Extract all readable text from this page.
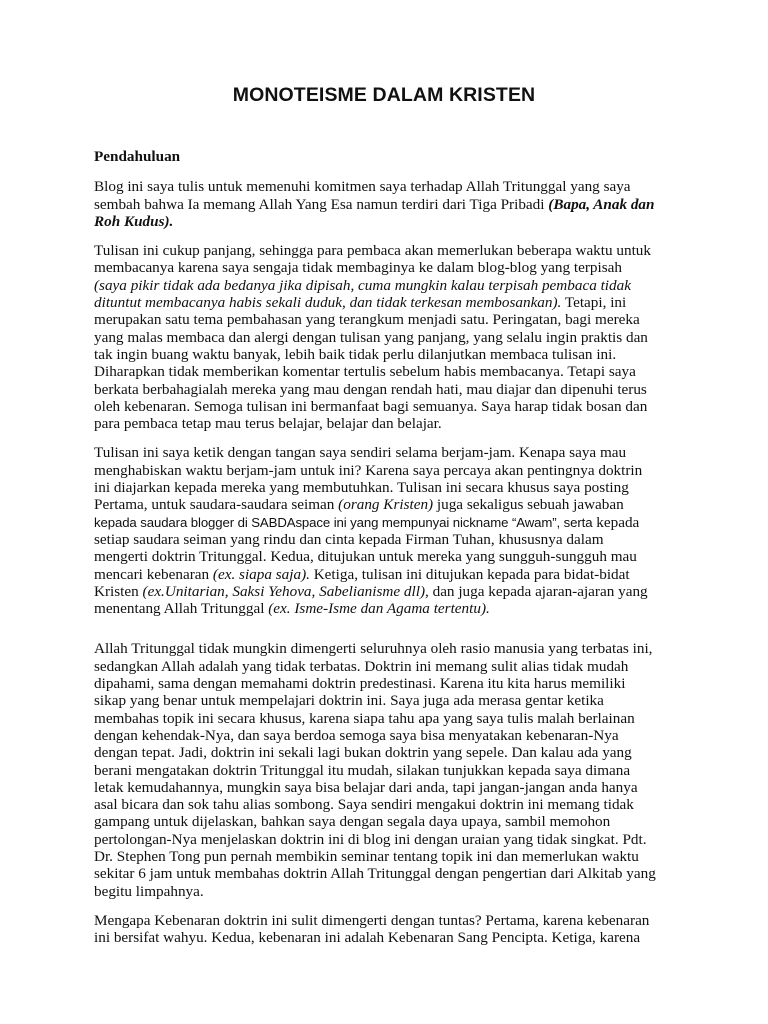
MONOTEISME DALAM KRISTEN

Pendahuluan

Blog ini saya tulis untuk memenuhi komitmen saya terhadap Allah Tritunggal yang saya sembah bahwa Ia memang Allah Yang Esa namun terdiri dari Tiga Pribadi (Bapa, Anak dan Roh Kudus).

Tulisan ini cukup panjang, sehingga para pembaca akan memerlukan beberapa waktu untuk membacanya karena saya sengaja tidak membaginya ke dalam blog-blog yang terpisah (saya pikir tidak ada bedanya jika dipisah, cuma mungkin kalau terpisah pembaca tidak dituntut membacanya habis sekali duduk, dan tidak terkesan membosankan). Tetapi, ini merupakan satu tema pembahasan yang terangkum menjadi satu. Peringatan, bagi mereka yang malas membaca dan alergi dengan tulisan yang panjang, yang selalu ingin praktis dan tak ingin buang waktu banyak, lebih baik tidak perlu dilanjutkan membaca tulisan ini. Diharapkan tidak memberikan komentar tertulis sebelum habis membacanya. Tetapi saya berkata berbahagialah mereka yang mau dengan rendah hati, mau diajar dan dipenuhi terus oleh kebenaran. Semoga tulisan ini bermanfaat bagi semuanya. Saya harap tidak bosan dan para pembaca tetap mau terus belajar, belajar dan belajar.

Tulisan ini saya ketik dengan tangan saya sendiri selama berjam-jam. Kenapa saya mau menghabiskan waktu berjam-jam untuk ini? Karena saya percaya akan pentingnya doktrin ini diajarkan kepada mereka yang membutuhkan. Tulisan ini secara khusus saya posting Pertama, untuk saudara-saudara seiman (orang Kristen) juga sekaligus sebuah jawaban kepada saudara blogger di SABDAspace ini yang mempunyai nickname “Awam”, serta kepada setiap saudara seiman yang rindu dan cinta kepada Firman Tuhan, khususnya dalam mengerti doktrin Tritunggal. Kedua, ditujukan untuk mereka yang sungguh-sungguh mau mencari kebenaran (ex. siapa saja). Ketiga, tulisan ini ditujukan kepada para bidat-bidat Kristen (ex.Unitarian, Saksi Yehova, Sabelianisme dll), dan juga kepada ajaran-ajaran yang menentang Allah Tritunggal (ex. Isme-Isme dan Agama tertentu).

Allah Tritunggal tidak mungkin dimengerti seluruhnya oleh rasio manusia yang terbatas ini, sedangkan Allah adalah yang tidak terbatas. Doktrin ini memang sulit alias tidak mudah dipahami, sama dengan memahami doktrin predestinasi. Karena itu kita harus memiliki sikap yang benar untuk mempelajari doktrin ini. Saya juga ada merasa gentar ketika membahas topik ini secara khusus, karena siapa tahu apa yang saya tulis malah berlainan dengan kehendak-Nya, dan saya berdoa semoga saya bisa menyatakan kebenaran-Nya dengan tepat. Jadi, doktrin ini sekali lagi bukan doktrin yang sepele. Dan kalau ada yang berani mengatakan doktrin Tritunggal itu mudah, silakan tunjukkan kepada saya dimana letak kemudahannya, mungkin saya bisa belajar dari anda, tapi jangan-jangan anda hanya asal bicara dan sok tahu alias sombong. Saya sendiri mengakui doktrin ini memang tidak gampang untuk dijelaskan, bahkan saya dengan segala daya upaya, sambil memohon pertolongan-Nya menjelaskan doktrin ini di blog ini dengan uraian yang tidak singkat. Pdt. Dr. Stephen Tong pun pernah membikin seminar tentang topik ini dan memerlukan waktu sekitar 6 jam untuk membahas doktrin Allah Tritunggal dengan pengertian dari Alkitab yang begitu limpahnya.

Mengapa Kebenaran doktrin ini sulit dimengerti dengan tuntas? Pertama, karena kebenaran ini bersifat wahyu. Kedua, kebenaran ini adalah Kebenaran Sang Pencipta. Ketiga, karena
